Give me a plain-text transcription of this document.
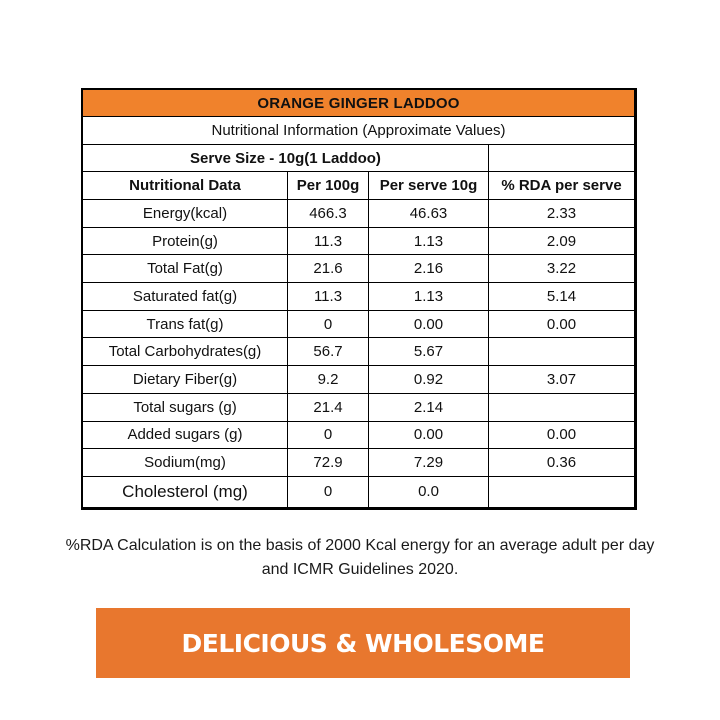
ORANGE GINGER LADDOO
Nutritional Information (Approximate Values)
Serve Size - 10g(1 Laddoo)
Nutritional Data	Per 100g	Per serve 10g	% RDA per serve
Energy(kcal)	466.3	46.63	2.33
Protein(g)	11.3	1.13	2.09
Total Fat(g)	21.6	2.16	3.22
Saturated fat(g)	11.3	1.13	5.14
Trans fat(g)	0	0.00	0.00
Total Carbohydrates(g)	56.7	5.67
Dietary Fiber(g)	9.2	0.92	3.07
Total sugars (g)	21.4	2.14
Added sugars (g)	0	0.00	0.00
Sodium(mg)	72.9	7.29	0.36
Cholesterol (mg)	0	0.0
%RDA Calculation is on the basis of 2000 Kcal energy for an average adult per day and ICMR Guidelines 2020.
DELICIOUS & WHOLESOME
